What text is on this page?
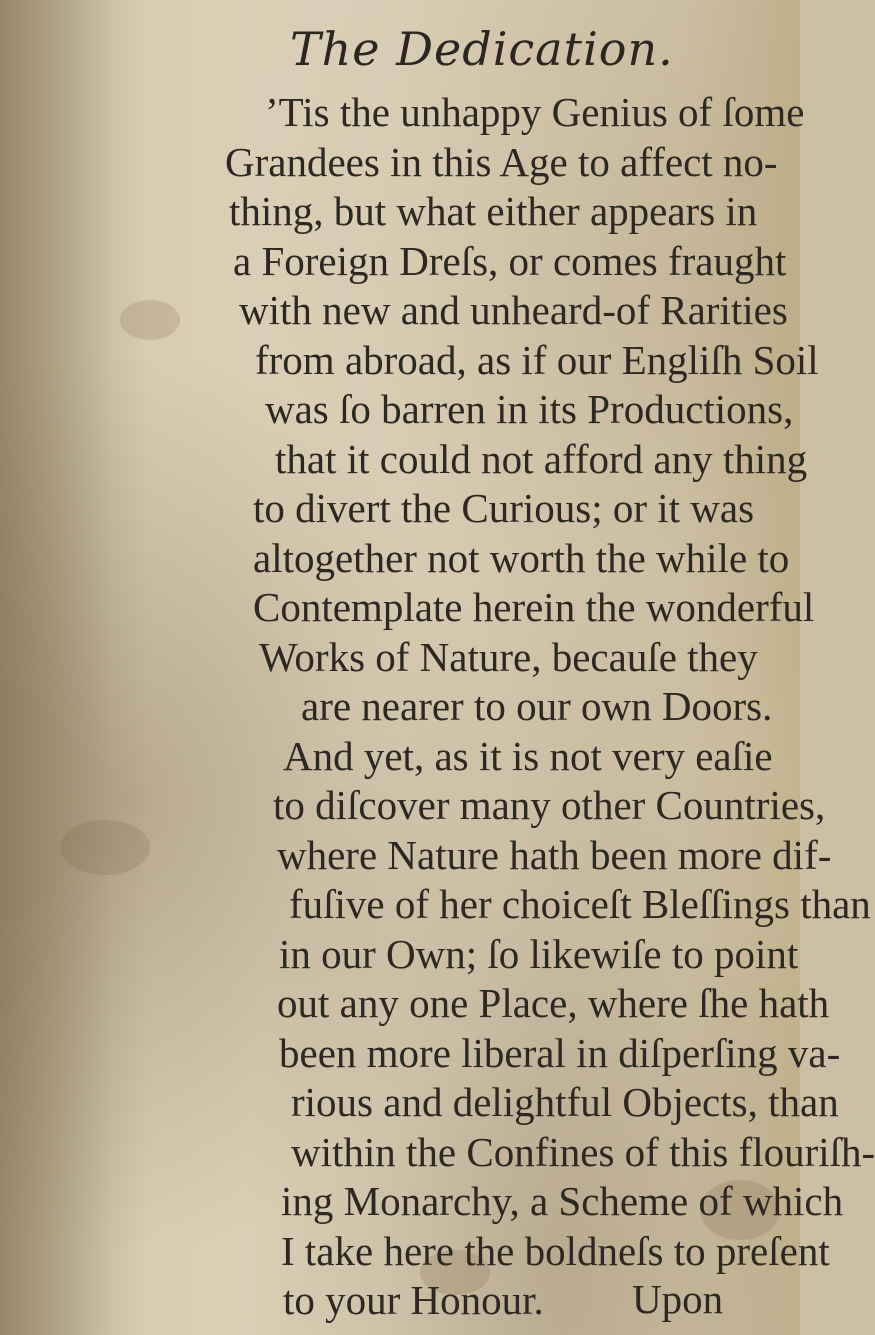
The Dedication.
’Tis the unhappy Genius of ſome
Grandees in this Age to affect no-
thing, but what either appears in
a Foreign Dreſs, or comes fraught
with new and unheard-of Rarities
from abroad, as if our Engliſh Soil
was ſo barren in its Productions,
that it could not afford any thing
to divert the Curious; or it was
altogether not worth the while to
Contemplate herein the wonderful
Works of Nature, becauſe they
are nearer to our own Doors.
And yet, as it is not very eaſie
to diſcover many other Countries,
where Nature hath been more dif-
fuſive of her choiceſt Bleſſings than
in our Own; ſo likewiſe to point
out any one Place, where ſhe hath
been more liberal in diſperſing va-
rious and delightful Objects, than
within the Confines of this flouriſh-
ing Monarchy, a Scheme of which
I take here the boldneſs to preſent
to your Honour.	Upon
